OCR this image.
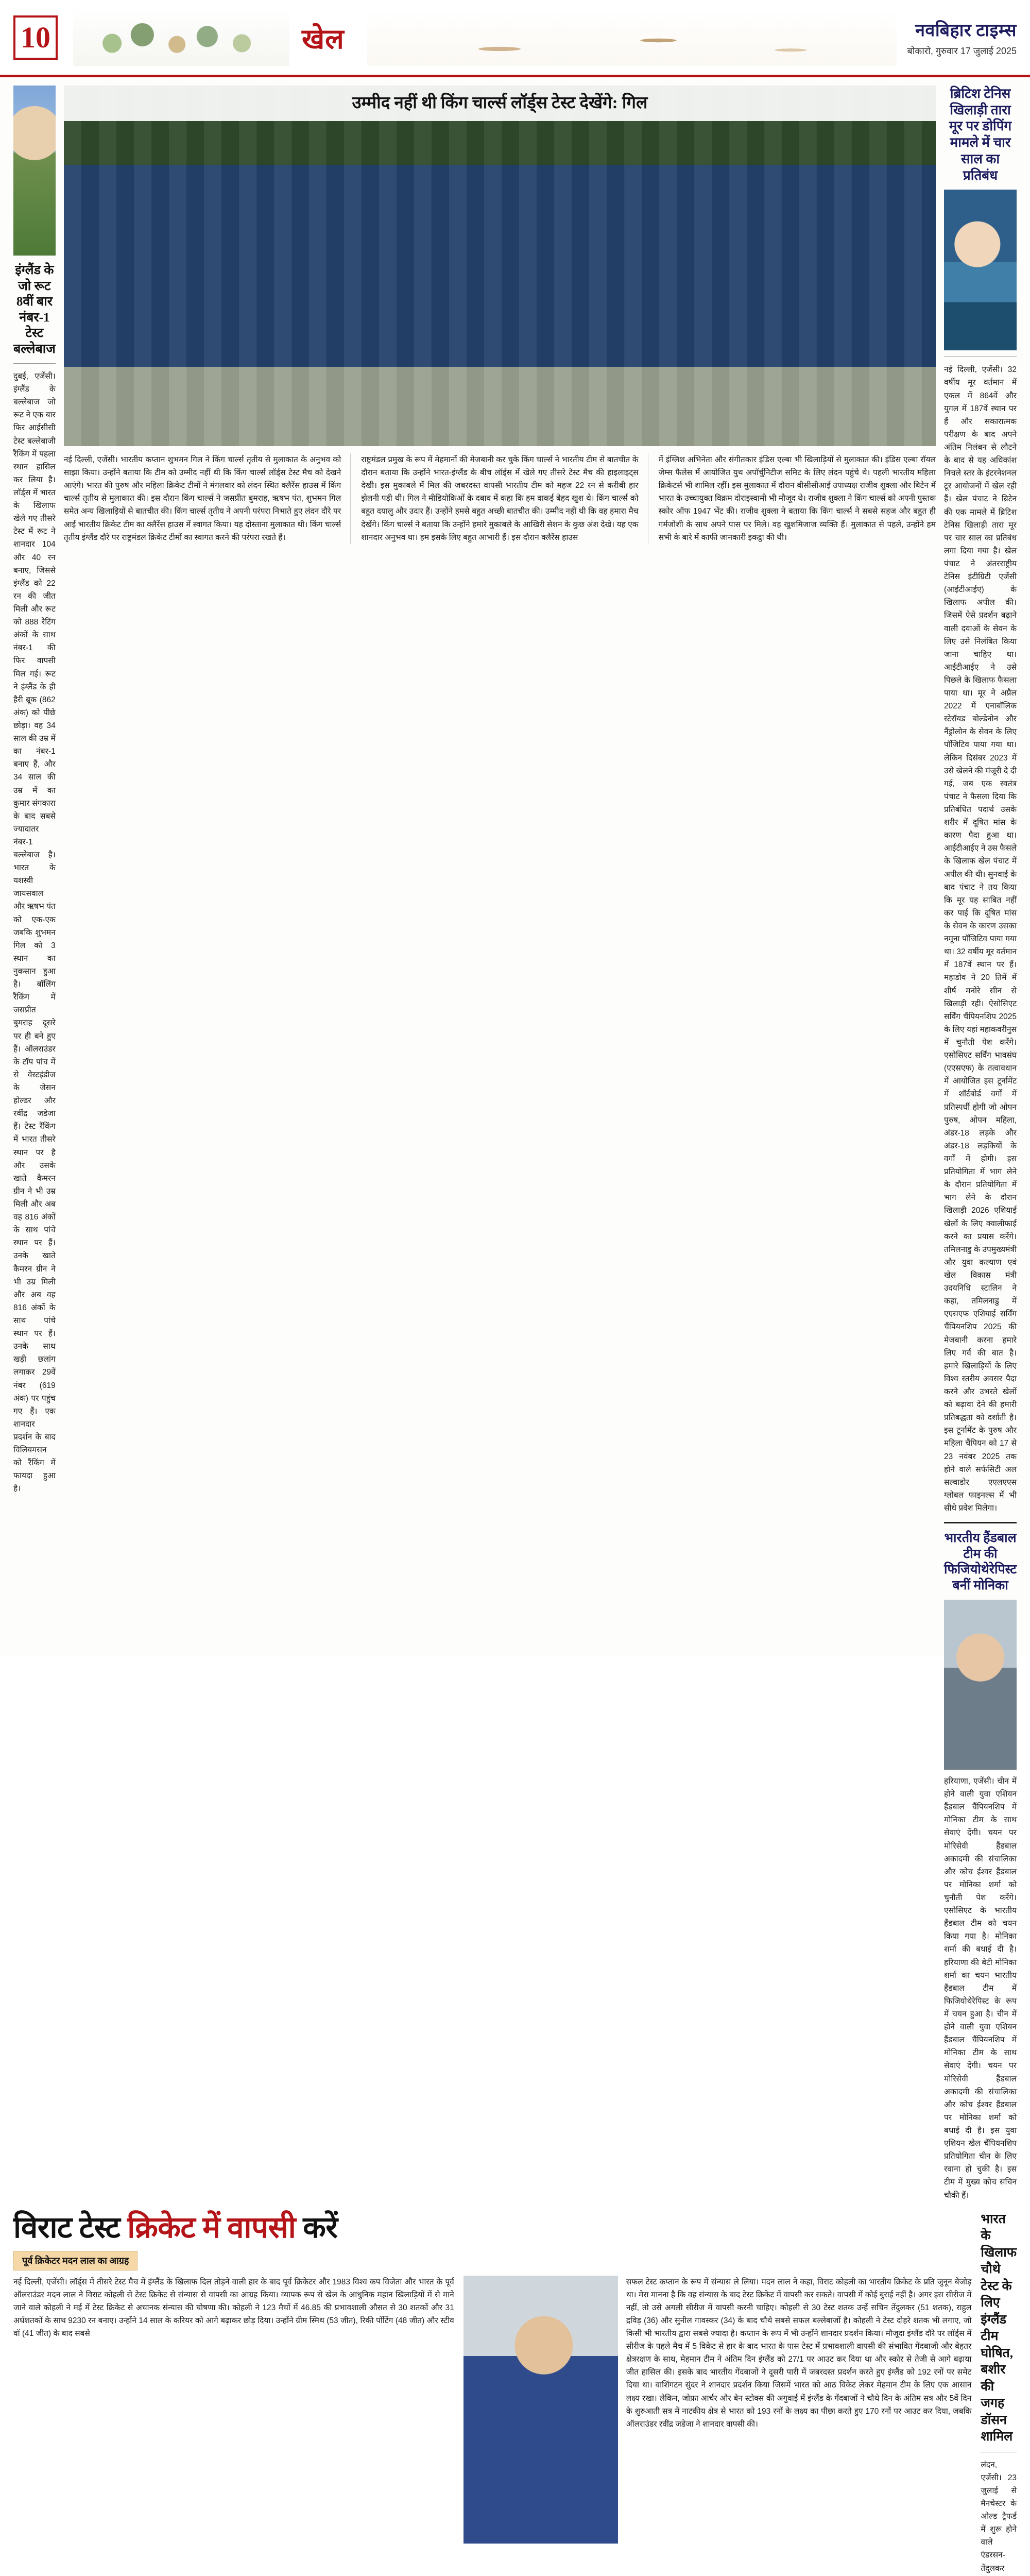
10	खेल	नवबिहार टाइम्स
बोकारो, गुरुवार 17 जुलाई 2025
इंग्लैंड के जो रूट 8वीं बार नंबर-1 टेस्ट बल्लेबाज
दुबई, एजेंसी। इंग्लैंड के बल्लेबाज जो रूट ने एक बार फिर आईसीसी टेस्ट बल्लेबाजी रैंकिंग में पहला स्थान हासिल कर लिया है। लॉर्ड्स में भारत के खिलाफ खेले गए तीसरे टेस्ट में रूट ने शानदार 104 और 40 रन बनाए, जिससे इंग्लैंड को 22 रन की जीत मिली और रूट को 888 रेटिंग अंकों के साथ नंबर-1 की फिर वापसी मिल गई। रूट ने इंग्लैंड के ही हैरी ब्रूक (862 अंक) को पीछे छोड़ा। वह 34 साल की उम्र में का नंबर-1 बनाए हैं, और 34 साल की उम्र में का कुमार संगकारा के बाद सबसे ज्यादातर नंबर-1 बल्लेबाज है। भारत के यशस्वी जायसवाल और ऋषभ पंत को एक-एक जबकि शुभमन गिल को 3 स्थान का नुकसान हुआ है। बॉलिंग रैंकिंग में जसप्रीत बुमराह दूसरे पर ही बने हुए हैं। ऑलराउंडर के टॉप पांच में से वेस्टइंडीज के जेसन होल्डर और रवींद्र जडेजा हैं। टेस्ट रैंकिंग में भारत तीसरे स्थान पर है और उसके खाते कैमरन ग्रीन ने भी उम्र मिली और अब वह 816 अंकों के साथ पांचे स्थान पर हैं। उनके खाते कैमरन ग्रीन ने भी उम्र मिली और अब वह 816 अंकों के साथ पांचे स्थान पर हैं। उनके साथ खड़ी छलांग लगाकर 29वें नंबर (619 अंक) पर पहुंच गए हैं। एक शानदार प्रदर्शन के बाद विलियमसन को रैंकिंग में फायदा हुआ है।
उम्मीद नहीं थी किंग चार्ल्स लॉर्ड्स टेस्ट देखेंगे: गिल
नई दिल्ली, एजेंसी। भारतीय कप्तान शुभमन गिल ने किंग चार्ल्स तृतीय से मुलाकात के अनुभव को साझा किया। उन्होंने बताया कि टीम को उम्मीद नहीं थी कि किंग चार्ल्स लॉर्ड्स टेस्ट मैच को देखने आएंगे। भारत की पुरुष और महिला क्रिकेट टीमों ने मंगलवार को लंदन स्थित क्लैरेंस हाउस में किंग चार्ल्स तृतीय से मुलाकात की। इस दौरान किंग चार्ल्स ने जसप्रीत बुमराह, ऋषभ पंत, शुभमन गिल समेत अन्य खिलाड़ियों से बातचीत की। किंग चार्ल्स तृतीय ने अपनी परंपरा निभाते हुए लंदन दौरे पर आई भारतीय क्रिकेट टीम का क्लैरेंस हाउस में स्वागत किया। यह दोस्ताना मुलाकात थी। किंग चार्ल्स तृतीय इंग्लैंड दौरे पर राष्ट्रमंडल क्रिकेट टीमों का स्वागत करने की परंपरा रखते हैं।
राष्ट्रमंडल प्रमुख के रूप में मेहमानों की मेजबानी कर चुके किंग चार्ल्स ने भारतीय टीम से बातचीत के दौरान बताया कि उन्होंने भारत-इंग्लैंड के बीच लॉर्ड्स में खेले गए तीसरे टेस्ट मैच की हाइलाइट्स देखी। इस मुकाबले में मिल की जबरदस्त वापसी भारतीय टीम को महज 22 रन से करीबी हार झेलनी पड़ी थी। गिल ने मीडियोकिओं के दबाव में कहा कि हम वाकई बेहद खुश थे। किंग चार्ल्स को बहुत दयालु और उदार हैं। उन्होंने हमसे बहुत अच्छी बातचीत की। उम्मीद नहीं थी कि वह हमारा मैच देखेंगे। किंग चार्ल्स ने बताया कि उन्होंने हमारे मुकाबले के आखिरी सेशन के कुछ अंश देखे। यह एक शानदार अनुभव था। हम इसके लिए बहुत आभारी हैं। इस दौरान क्लैरेंस हाउस
में इंग्लिश अभिनेता और संगीतकार इंडिस एल्बा भी खिलाड़ियों से मुलाकात की। इंडिस एल्बा रॉयल जेम्स फैलेस में आयोजित युथ अपॉर्चुनिटीज समिट के लिए लंदन पहुंचे थे। पहली भारतीय महिला क्रिकेटर्स भी शामिल रहीं। इस मुलाकात में दौरान बीसीसीआई उपाध्यक्ष राजीव शुक्ला और बिटेन में भारत के उच्चायुक्त विक्रम दोराइस्वामी भी मौजूद थे। राजीव शुक्ला ने किंग चार्ल्स को अपनी पुस्तक स्कोर ऑफ 1947 भेंट की। राजीव शुक्ला ने बताया कि किंग चार्ल्स ने सबसे सहज और बहुत ही गर्मजोशी के साथ अपने पास पर मिले। वह खुशमिजाज व्यक्ति हैं। मुलाकात से पहले, उन्होंने हम सभी के बारे में काफी जानकारी इकट्ठा की थी।
ब्रिटिश टेनिस खिलाड़ी तारा मूर पर डोपिंग मामले में चार साल का प्रतिबंध
नई दिल्ली, एजेंसी। 32 वर्षीय मूर वर्तमान में एकल में 864वें और युगल में 187वें स्थान पर हैं और सकारात्मक परीक्षण के बाद अपने अंतिम निलंबन से लौटने के बाद से यह अधिकांश निचले स्तर के इंटरनेशनल टूर आयोजनों में खेल रही हैं। खेल पंचाट ने ब्रिटेन की एक मामले में ब्रिटिश टेनिस खिलाड़ी तारा मूर पर चार साल का प्रतिबंध लगा दिया गया है। खेल पंचाट ने अंतरराष्ट्रीय टेनिस इंटीग्रिटी एजेंसी (आईटीआईए) के खिलाफ अपील की। जिसमें ऐसे प्रदर्शन बढ़ाने वाली दवाओं के सेवन के लिए उसे निलंबित किया जाना चाहिए था। आईटीआईए ने उसे पिछले के खिलाफ फैसला पाया था। मूर ने अप्रैल 2022 में एनाबॉलिक स्टेरॉयड बोल्डेनोन और नैंड्रोलोन के सेवन के लिए पॉजिटिव पाया गया था। लेकिन दिसंबर 2023 में उसे खेलने की मंजूरी दे दी गई, जब एक स्वतंत्र पंचाट ने फैसला दिया कि प्रतिबंधित पदार्थ उसके शरीर में दूषित मांस के कारण पैदा हुआ था। आईटीआईए ने उस फैसले के खिलाफ खेल पंचाट में अपील की थी। सुनवाई के बाद पंचाट ने तय किया कि मूर यह साबित नहीं कर पाई कि दूषित मांस के सेवन के कारण उसका नमूना पॉजिटिव पाया गया था। 32 वर्षीय मूर वर्तमान में 187वें स्थान पर हैं। महाडोव ने 20 तिमें में शीर्ष मनोरे सीन से खिलाड़ी रही। ऐसोसिएट सर्विंग चैंपियनशिप 2025 के लिए यहां महाकवरीनुस में चुनौती पेश करेंगे। एसोसिएट सर्विंग भावसंघ (एएसएफ) के तत्वावधान में आयोजित इस टूर्नामेंट में शॉर्टबोर्ड वर्गों में प्रतिस्पर्धी होगी जो ओपन पुरुष, ओपन महिला, अंडर-18 लड़के और अंडर-18 लड़कियों के वर्गों में होगी। इस प्रतियोगिता में भाग लेने के दौरान प्रतियोगिता में भाग लेने के दौरान खिलाड़ी 2026 एशियाई खेलों के लिए क्वालीफाई करने का प्रयास करेंगे। तमिलनाडु के उपमुख्यमंत्री और युवा कल्याण एवं खेल विकास मंत्री उदयनिधि स्टालिन ने कहा, तमिलनाडु में एएसएफ एशियाई सर्विंग चैंपियनशिप 2025 की मेजबानी करना हमारे लिए गर्व की बात है। हमारे खिलाड़ियों के लिए विश्व स्तरीय अवसर पैदा करने और उभरते खेलों को बढ़ावा देने की हमारी प्रतिबद्धता को दर्शाती है। इस टूर्नामेंट के पुरुष और महिला चैंपियन को 17 से 23 नवंबर 2025 तक होने वाले सर्फसिटी अल सल्वाडोर एएलएएस ग्लोबल फाइनल्स में भी सीधे प्रवेश मिलेगा।
भारतीय हैंडबाल टीम की फिजियोथेरेपिस्ट बनीं मोनिका
हरियाणा, एजेंसी। चीन में होने वाली युवा एशियन हैंडबाल चैंपियनशिप में मोनिका टीम के साथ सेवाएं देंगी। चयन पर मोरिसेवी हैंडबाल अकादमी की संचालिका और कोच ईश्वर हैंडबाल पर मोनिका शर्मा को चुनौती पेश करेंगे। एसोसिएट के भारतीय हैंडबाल टीम को चयन किया गया है। मोनिका शर्मा की बधाई दी है। हरियाणा की बेटी मोनिका शर्मा का चयन भारतीय हैंडबाल टीम में फिजियोथेरेपिस्ट के रूप में चयन हुआ है। चीन में होने वाली युवा एशियन हैंडबाल चैंपियनशिप में मोनिका टीम के साथ सेवाएं देंगी। चयन पर मोरिसेवी हैंडबाल अकादमी की संचालिका और कोच ईश्वर हैंडबाल पर मोनिका शर्मा को बधाई दी है। इस युवा एशियन खेल चैंपियनशिप प्रतियोगिता चीन के लिए रवाना हो चुकी है। इस टीम में मुख्य कोच सचिन चौकी हैं।
विराट टेस्ट क्रिकेट में वापसी करें
पूर्व क्रिकेटर मदन लाल का आग्रह
नई दिल्ली, एजेंसी। लॉर्ड्स में तीसरे टेस्ट मैच में इंग्लैंड के खिलाफ दिल तोड़ने वाली हार के बाद पूर्व क्रिकेटर और 1983 विश्व कप विजेता और भारत के पूर्व ऑलराउंडर मदन लाल ने विराट कोहली से टेस्ट क्रिकेट से संन्यास से वापसी का आग्रह किया। व्यापक रूप से खेल के आधुनिक महान खिलाड़ियों में से माने जाने वाले कोहली ने मई में टेस्ट क्रिकेट से अचानक संन्यास की घोषणा की। कोहली ने 123 मैचों में 46.85 की प्रभावशाली औसत से 30 शतकों और 31 अर्धशतकों के साथ 9230 रन बनाए। उन्होंने 14 साल के करियर को आगे बढ़ाकर छोड़ दिया। उन्होंने ग्रीम स्मिथ (53 जीत), रिकी पोंटिंग (48 जीत) और स्टीव वॉ (41 जीत) के बाद सबसे
सफल टेस्ट कप्तान के रूप में संन्यास ले लिया। मदन लाल ने कहा, विराट कोहली का भारतीय क्रिकेट के प्रति जुनून बेजोड़ था। मेरा मानना है कि वह संन्यास के बाद टेस्ट क्रिकेट में वापसी कर सकते। वापसी में कोई बुराई नहीं है। अगर इस सीरीज में नहीं, तो उसे अगली सीरीज में वापसी करनी चाहिए। कोहली से 30 टेस्ट शतक उन्हें सचिन तेंदुलकर (51 शतक), राहुल द्रविड़ (36) और सुनील गावस्कर (34) के बाद चौथे सबसे सफल बल्लेबाजों है। कोहली ने टेस्ट दोहरे शतक भी लगाए, जो किसी भी भारतीय द्वारा सबसे ज्यादा है। कप्तान के रूप में भी उन्होंने शानदार प्रदर्शन किया। मौजूदा इंग्लैंड दौरे पर लॉर्ड्स में सीरीज के पहले मैच में 5 विकेट से हार के बाद भारत के पास टेस्ट में प्रभावशाली वापसी की संभावित गेंदबाजी और बेहतर क्षेत्ररक्षण के साथ, मेहमान टीम ने अंतिम दिन इंग्लैंड को 27/1 पर आउट कर दिया था और स्कोर से तेजी से आगे बढ़ाया जीत हासिल की। इसके बाद भारतीय गेंदबाजों ने दूसरी पारी में जबरदस्त प्रदर्शन करते हुए इंग्लैंड को 192 रनों पर समेट दिया था। वाशिंगटन सुंदर ने शानदार प्रदर्शन किया जिसमें भारत को आठ विकेट लेकर मेहमान टीम के लिए एक आसान लक्ष्य रखा। लेकिन, जोफ्रा आर्चर और बेन स्टोक्स की अगुवाई में इंग्लैंड के गेंदबाजों ने चौथे दिन के अंतिम सत्र और 5वें दिन के शुरुआती सत्र में नाटकीय क्षेत्र से भारत को 193 रनों के लक्ष्य का पीछा करते हुए 170 रनों पर आउट कर दिया, जबकि ऑलराउंडर रवींद्र जडेजा ने शानदार वापसी की।
भारत के खिलाफ चौथे टेस्ट के लिए इंग्लैंड टीम घोषित, बशीर की जगह डॉसन शामिल
लंदन, एजेंसी। 23 जुलाई से मैनचेस्टर के ओल्ड ट्रैफर्ड में शुरू होने वाले एंडरसन-तेंदुलकर
